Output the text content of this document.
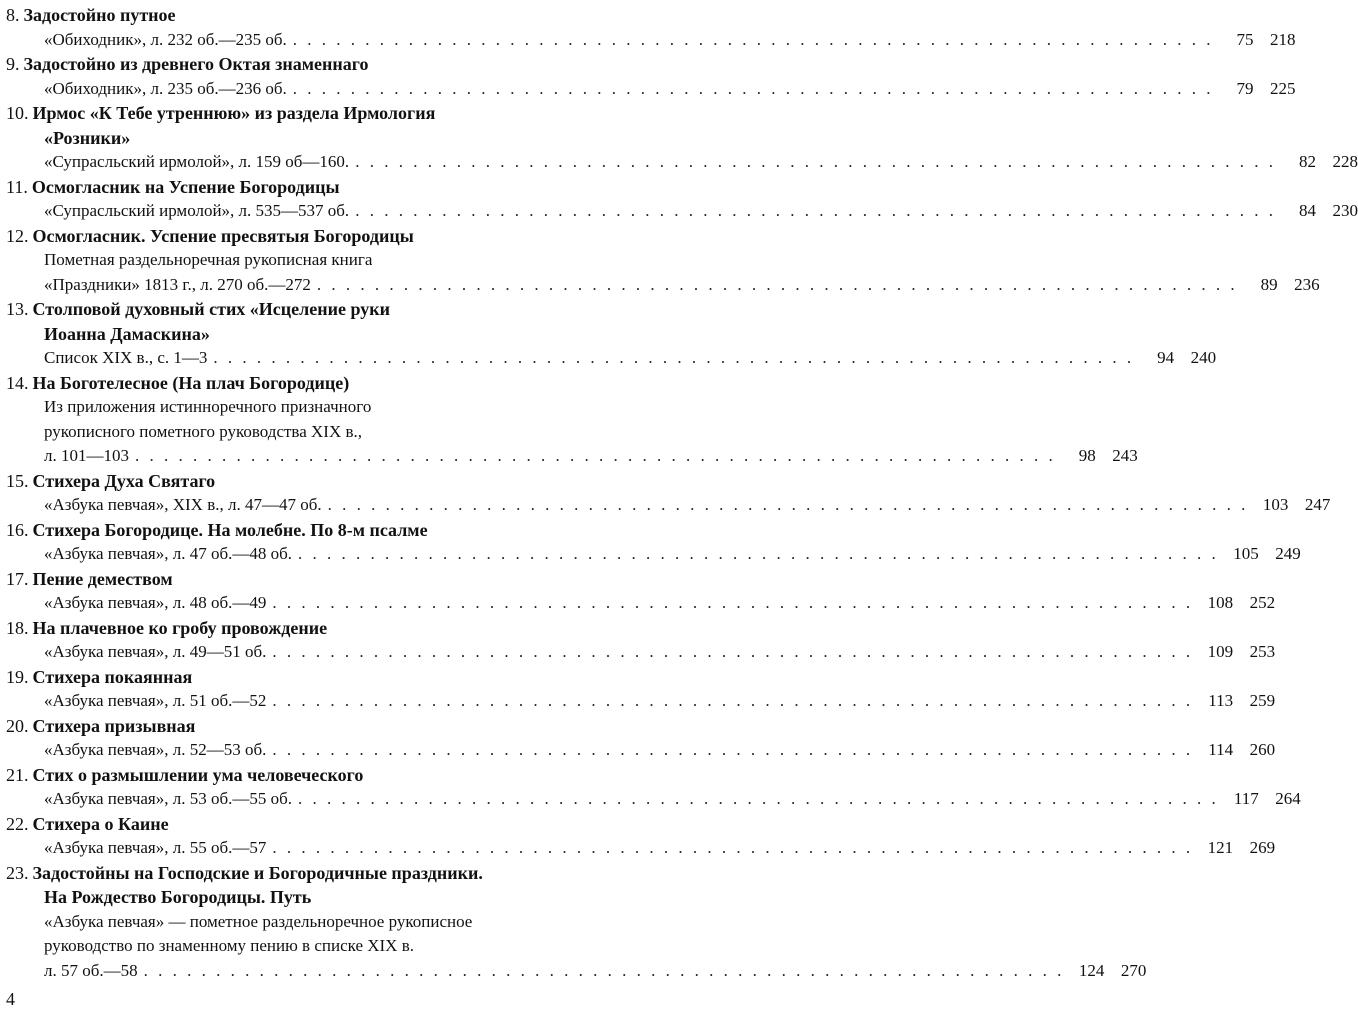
8. Задостойно путное
«Обиходник», л. 232 об.—235 об. . . . . . . . . . . . . . . . . . . . . . . . . . . . . . . . . . . . . . . . . . . . . . . . . . . . . . . . . . . . . . . . .	75 218
9. Задостойно из древнего Октая знаменнаго
«Обиходник», л. 235 об.—236 об. . . . . . . . . . . . . . . . . . . . . . . . . . . . . . . . . . . . . . . . . . . . . . . . . . . . . . . . . . . . . . . . .	79 225
10. Ирмос «К Тебе утреннюю» из раздела Ирмология
«Розники»
«Супрасльский ирмолой», л. 159 об—160. . . . . . . . . . . . . . . . . . . . . . . . . . . . . . . . . . . . . . . . . . . . . . . . . . . . . . . . . . . . . . . . .	82 228
11. Осмогласник на Успение Богородицы
«Супрасльский ирмолой», л. 535—537 об. . . . . . . . . . . . . . . . . . . . . . . . . . . . . . . . . . . . . . . . . . . . . . . . . . . . . . . . . . . . . . . . .	84 230
12. Осмогласник. Успение пресвятыя Богородицы
Пометная раздельноречная рукописная книга
«Праздники» 1813 г., л. 270 об.—272 . . . . . . . . . . . . . . . . . . . . . . . . . . . . . . . . . . . . . . . . . . . . . . . . . . . . . . . . . . . . . . . .	89 236
13. Столповой духовный стих «Исцеление руки
Иоанна Дамаскина»
Список XIX в., с. 1—3 . . . . . . . . . . . . . . . . . . . . . . . . . . . . . . . . . . . . . . . . . . . . . . . . . . . . . . . . . . . . . . . .	94 240
14. На Боготелесное (На плач Богородице)
Из приложения истинноречного призначного
рукописного пометного руководства XIX в.,
л. 101—103 . . . . . . . . . . . . . . . . . . . . . . . . . . . . . . . . . . . . . . . . . . . . . . . . . . . . . . . . . . . . . . . .	98 243
15. Стихера Духа Святаго
«Азбука певчая», XIX в., л. 47—47 об. . . . . . . . . . . . . . . . . . . . . . . . . . . . . . . . . . . . . . . . . . . . . . . . . . . . . . . . . . . . . . . . . 103 247
16. Стихера Богородице. На молебне. По 8-м псалме
«Азбука певчая», л. 47 об.—48 об. . . . . . . . . . . . . . . . . . . . . . . . . . . . . . . . . . . . . . . . . . . . . . . . . . . . . . . . . . . . . . . . . 105 249
17. Пение демеством
«Азбука певчая», л. 48 об.—49 . . . . . . . . . . . . . . . . . . . . . . . . . . . . . . . . . . . . . . . . . . . . . . . . . . . . . . . . . . . . . . . . 108 252
18. На плачевное ко гробу провождение
«Азбука певчая», л. 49—51 об. . . . . . . . . . . . . . . . . . . . . . . . . . . . . . . . . . . . . . . . . . . . . . . . . . . . . . . . . . . . . . . . . 109 253
19. Стихера покаянная
«Азбука певчая», л. 51 об.—52 . . . . . . . . . . . . . . . . . . . . . . . . . . . . . . . . . . . . . . . . . . . . . . . . . . . . . . . . . . . . . . . . 113 259
20. Стихера призывная
«Азбука певчая», л. 52—53 об. . . . . . . . . . . . . . . . . . . . . . . . . . . . . . . . . . . . . . . . . . . . . . . . . . . . . . . . . . . . . . . . . 114 260
21. Стих о размышлении ума человеческого
«Азбука певчая», л. 53 об.—55 об. . . . . . . . . . . . . . . . . . . . . . . . . . . . . . . . . . . . . . . . . . . . . . . . . . . . . . . . . . . . . . . . . 117 264
22. Стихера о Каине
«Азбука певчая», л. 55 об.—57 . . . . . . . . . . . . . . . . . . . . . . . . . . . . . . . . . . . . . . . . . . . . . . . . . . . . . . . . . . . . . . . . 121 269
23. Задостойны на Господские и Богородичные праздники.
На Рождество Богородицы. Путь
«Азбука певчая» — пометное раздельноречное рукописное
руководство по знаменному пению в списке XIX в.
л. 57 об.—58 . . . . . . . . . . . . . . . . . . . . . . . . . . . . . . . . . . . . . . . . . . . . . . . . . . . . . . . . . . . . . . . . 124 270
4
